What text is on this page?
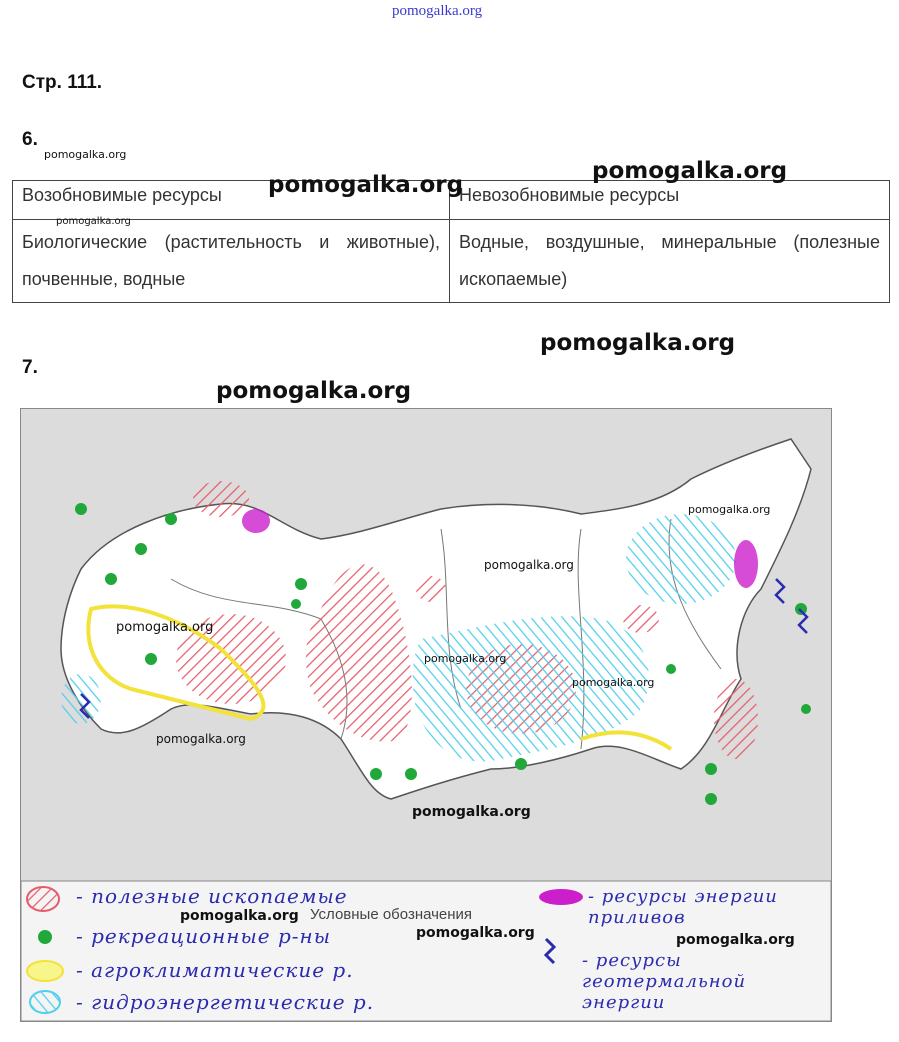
pomogalka.org
Стр. 111.
6.
7.
Возобновимые ресурсы	Невозобновимые ресурсы
Биологические (растительность и животные), почвенные, водные	Водные, воздушные, минеральные (полезные ископаемые)
Условные обозначения
- полезные ископаемые
- рекреационные р-ны
- агроклиматические р.
- гидроэнергетические р.
- ресурсы энергии приливов
- ресурсы геотермальной энергии
pomogalka.org
pomogalka.org
pomogalka.org
pomogalka.org
pomogalka.org
pomogalka.org
pomogalka.org
pomogalka.org
pomogalka.org
pomogalka.org
pomogalka.org
pomogalka.org
pomogalka.org
pomogalka.org
pomogalka.org	pomogalka.org
